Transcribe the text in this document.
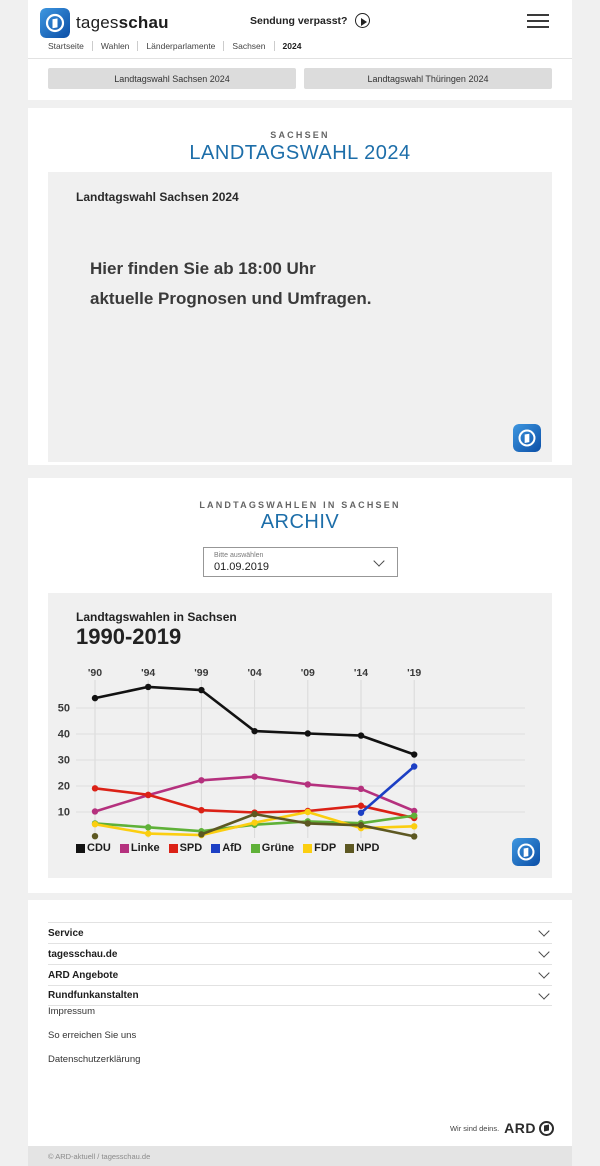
tagesschau	Sendung verpasst?
Startseite	Wahlen	Länderparlamente	Sachsen	2024
Landtagswahl Sachsen 2024	Landtagswahl Thüringen 2024
SACHSEN
LANDTAGSWAHL 2024
Landtagswahl Sachsen 2024
Hier finden Sie ab 18:00 Uhr
aktuelle Prognosen und Umfragen.
LANDTAGSWAHLEN IN SACHSEN
ARCHIV
Bitte auswählen
01.09.2019
Landtagswahlen in Sachsen
1990-2019
'90	'94	'99	'04	'09	'14	'19
10
20
30
40
50
CDU Linke SPD AfD Grüne FDP NPD
Service
tagesschau.de
ARD Angebote
Rundfunkanstalten
Impressum
So erreichen Sie uns
Datenschutzerklärung
Wir sind deins. ARD
© ARD-aktuell / tagesschau.de
